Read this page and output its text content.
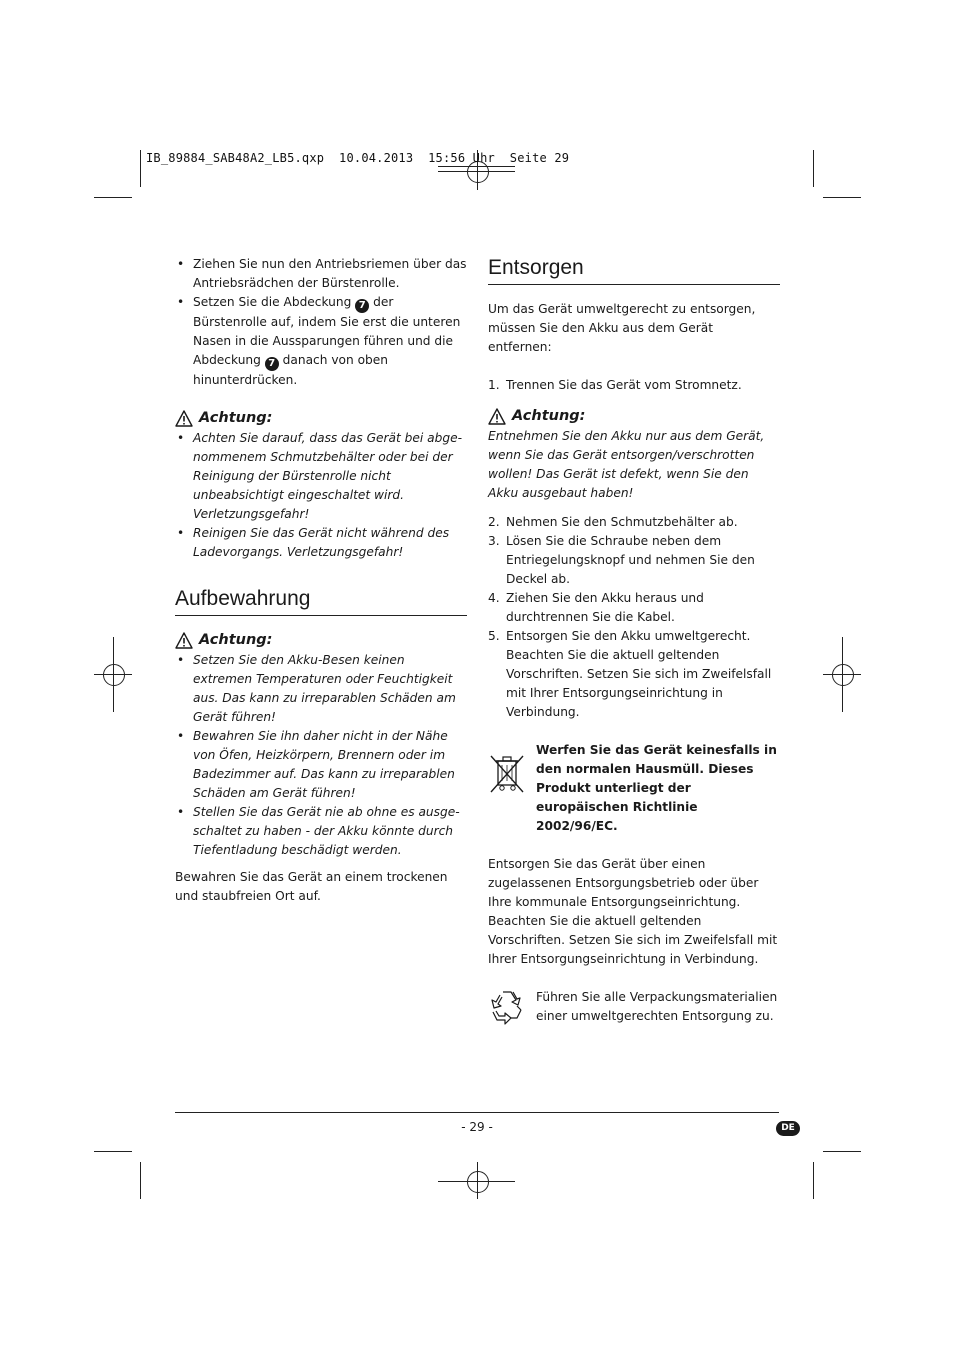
IB_89884_SAB48A2_LB5.qxp  10.04.2013  15:56 Uhr  Seite 29
• Ziehen Sie nun den Antriebsriemen über das Antriebsrädchen der Bürstenrolle.
• Setzen Sie die Abdeckung 7 der Bürstenrolle auf, indem Sie erst die unteren Nasen in die Aussparungen führen und die Abdeckung 7 danach von oben hinunterdrücken.
Achtung:
• Achten Sie darauf, dass das Gerät bei abgenommenem Schmutzbehälter oder bei der Reinigung der Bürstenrolle nicht unbeabsichtigt eingeschaltet wird. Verletzungsgefahr!
• Reinigen Sie das Gerät nicht während des Ladevorgangs. Verletzungsgefahr!
Aufbewahrung
Achtung:
• Setzen Sie den Akku-Besen keinen extremen Temperaturen oder Feuchtigkeit aus. Das kann zu irreparablen Schäden am Gerät führen!
• Bewahren Sie ihn daher nicht in der Nähe von Öfen, Heizkörpern, Brennern oder im Badezimmer auf. Das kann zu irreparablen Schäden am Gerät führen!
• Stellen Sie das Gerät nie ab ohne es ausgeschaltet zu haben - der Akku könnte durch Tiefentladung beschädigt werden.

Bewahren Sie das Gerät an einem trockenen und staubfreien Ort auf.

Entsorgen

Um das Gerät umweltgerecht zu entsorgen, müssen Sie den Akku aus dem Gerät entfernen:

1. Trennen Sie das Gerät vom Stromnetz.
Achtung:

Entnehmen Sie den Akku nur aus dem Gerät, wenn Sie das Gerät entsorgen/verschrotten wollen! Das Gerät ist defekt, wenn Sie den Akku ausgebaut haben!

2. Nehmen Sie den Schmutzbehälter ab.
3. Lösen Sie die Schraube neben dem Entriegelungsknopf und nehmen Sie den Deckel ab.
4. Ziehen Sie den Akku heraus und durchtrennen Sie die Kabel.
5. Entsorgen Sie den Akku umweltgerecht. Beachten Sie die aktuell geltenden Vorschriften. Setzen Sie sich im Zweifelsfall mit Ihrer Entsorgungseinrichtung in Verbindung.

Werfen Sie das Gerät keinesfalls in den normalen Hausmüll. Dieses Produkt unterliegt der europäischen Richtlinie 2002/96/EC.

Entsorgen Sie das Gerät über einen zugelassenen Entsorgungsbetrieb oder über Ihre kommunale Entsorgungseinrichtung.

Beachten Sie die aktuell geltenden Vorschriften. Setzen Sie sich im Zweifelsfall mit Ihrer Entsorgungseinrichtung in Verbindung.

Führen Sie alle Verpackungsmaterialien einer umweltgerechten Entsorgung zu.

- 29 -	DE
